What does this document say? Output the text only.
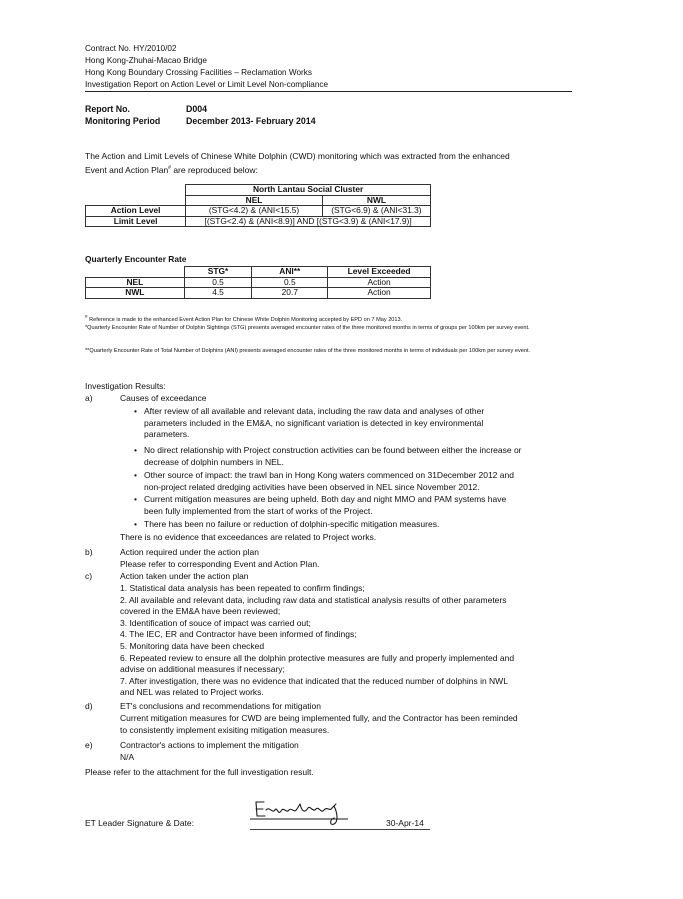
Contract No. HY/2010/02
Hong Kong-Zhuhai-Macao Bridge
Hong Kong Boundary Crossing Facilities – Reclamation Works
Investigation Report on Action Level or Limit Level Non-compliance
Report No.	D004
Monitoring Period	December 2013- February 2014
The Action and Limit Levels of Chinese White Dolphin (CWD) monitoring which was extracted from the enhanced
Event and Action Plan# are reproduced below:
	North Lantau Social Cluster	
	NEL	NWL
Action Level	(STG<4.2) & (ANI<15.5)	(STG<6.9) & (ANI<31.3)
Limit Level	[(STG<2.4) & (ANI<8.9)] AND [(STG<3.9) & (ANI<17.9)]	
Quarterly Encounter Rate
	STG*	ANI**	Level Exceeded
NEL	0.5	0.5	Action
NWL	4.5	20.7	Action
# Reference is made to the enhanced Event Action Plan for Chinese White Dolphin Monitoring accepted by EPD on 7 May 2013.
*Quarterly Encounter Rate of Number of Dolphin Sightings (STG) presents averaged encounter rates of the three monitored months in terms of groups per 100km per survey event.
**Quarterly Encounter Rate of Total Number of Dolphins (ANI) presents averaged encounter rates of the three monitored months in terms of individuals per 100km per survey event.
Investigation Results:
a)	Causes of exceedance
• After review of all available and relevant data, including the raw data and analyses of other
parameters included in the EM&A, no significant variation is detected in key environmental
parameters.
• No direct relationship with Project construction activities can be found between either the increase or
decrease of dolphin numbers in NEL.
• Other source of impact: the trawl ban in Hong Kong waters commenced on 31December 2012 and
non-project related dredging activities have been observed in NEL since November 2012.
• Current mitigation measures are being upheld. Both day and night MMO and PAM systems have
been fully implemented from the start of works of the Project.
• There has been no failure or reduction of dolphin-specific mitigation measures.
There is no evidence that exceedances are related to Project works.
b)	Action required under the action plan
Please refer to corresponding Event and Action Plan.
c)	Action taken under the action plan
1. Statistical data analysis has been repeated to confirm findings;
2. All available and relevant data, including raw data and statistical analysis results of other parameters
covered in the EM&A have been reviewed;
3. Identification of souce of impact was carried out;
4. The IEC, ER and Contractor have been informed of findings;
5. Monitoring data have been checked
6. Repeated review to ensure all the dolphin protective measures are fully and properly implemented and
advise on additional measures if necessary;
7. After investigation, there was no evidence that indicated that the reduced number of dolphins in NWL
and NEL was related to Project works.
d)	ET's conclusions and recommendations for mitigation
Current mitigation measures for CWD are being implemented fully, and the Contractor has been reminded
to consistently implement exisiting mitigation measures.
e)	Contractor's actions to implement the mitigation
N/A
Please refer to the attachment for the full investigation result.
ET Leader Signature & Date:	30-Apr-14
